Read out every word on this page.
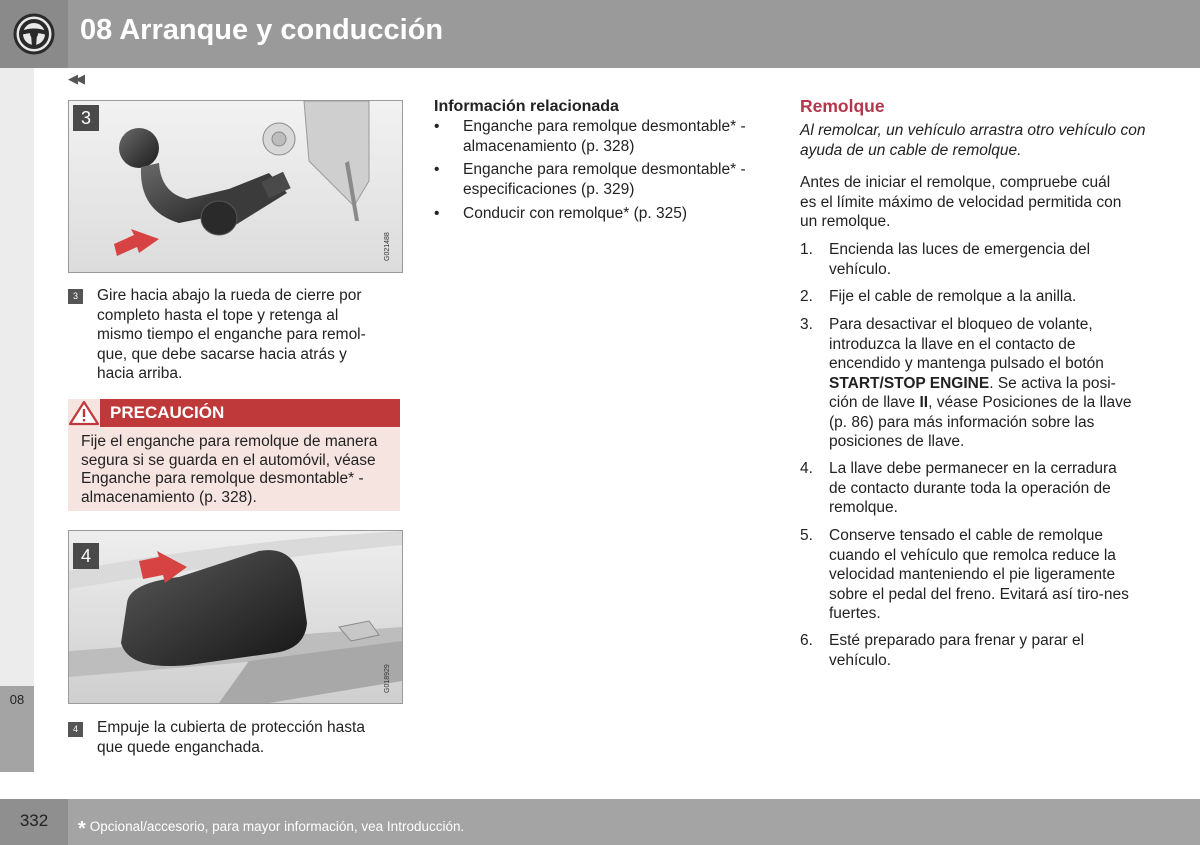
08 Arranque y conducción
◀◀
08
3
G021488
3	Gire hacia abajo la rueda de cierre por completo hasta el tope y retenga al mismo tiempo el enganche para remol-que, que debe sacarse hacia atrás y hacia arriba.
PRECAUCIÓN
Fije el enganche para remolque de manera segura si se guarda en el automóvil, véase Enganche para remolque desmontable* - almacenamiento (p. 328).
4
G018929
4	Empuje la cubierta de protección hasta que quede enganchada.
Información relacionada
• Enganche para remolque desmontable* - almacenamiento (p. 328)
• Enganche para remolque desmontable* - especificaciones (p. 329)
• Conducir con remolque* (p. 325)
Remolque
Al remolcar, un vehículo arrastra otro vehículo con ayuda de un cable de remolque.
Antes de iniciar el remolque, compruebe cuál es el límite máximo de velocidad permitida con un remolque.
1. Encienda las luces de emergencia del vehículo.
2. Fije el cable de remolque a la anilla.
3. Para desactivar el bloqueo de volante, introduzca la llave en el contacto de encendido y mantenga pulsado el botón START/STOP ENGINE. Se activa la posi-ción de llave II, véase Posiciones de la llave (p. 86) para más información sobre las posiciones de llave.
4. La llave debe permanecer en la cerradura de contacto durante toda la operación de remolque.
5. Conserve tensado el cable de remolque cuando el vehículo que remolca reduce la velocidad manteniendo el pie ligeramente sobre el pedal del freno. Evitará así tiro-nes fuertes.
6. Esté preparado para frenar y parar el vehículo.
332	* Opcional/accesorio, para mayor información, vea Introducción.
